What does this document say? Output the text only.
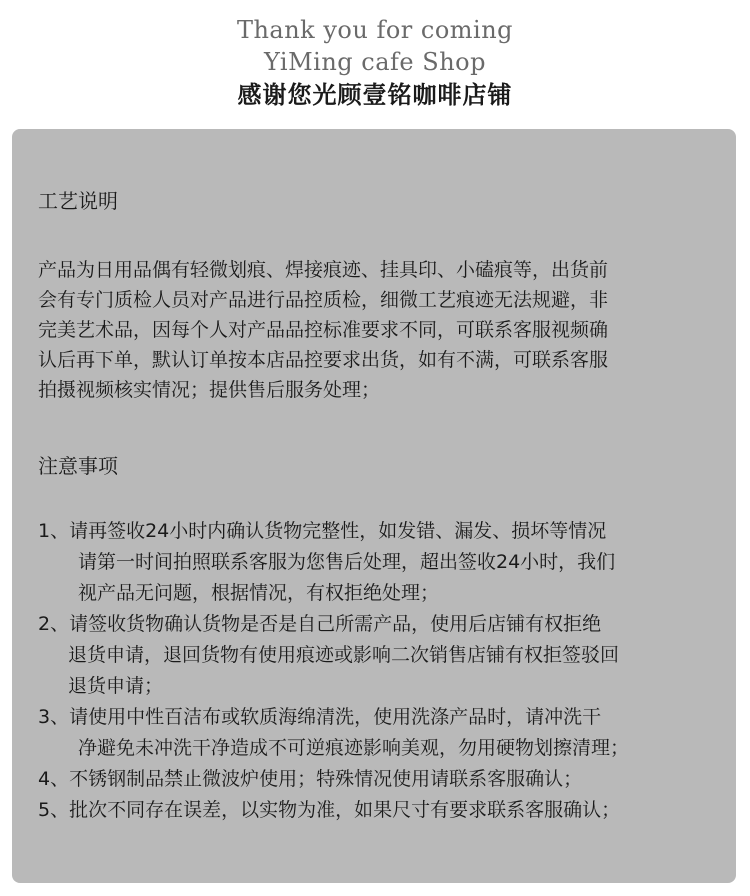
Thank you for coming
YiMing cafe Shop
感谢您光顾壹铭咖啡店铺
工艺说明
产品为日用品偶有轻微划痕、焊接痕迹、挂具印、小磕痕等，出货前
会有专门质检人员对产品进行品控质检，细微工艺痕迹无法规避，非
完美艺术品，因每个人对产品品控标准要求不同，可联系客服视频确
认后再下单，默认订单按本店品控要求出货，如有不满，可联系客服
拍摄视频核实情况；提供售后服务处理；
注意事项
1、请再签收24小时内确认货物完整性，如发错、漏发、损坏等情况
请第一时间拍照联系客服为您售后处理，超出签收24小时，我们
视产品无问题，根据情况，有权拒绝处理；
2、请签收货物确认货物是否是自己所需产品，使用后店铺有权拒绝
退货申请，退回货物有使用痕迹或影响二次销售店铺有权拒签驳回
退货申请；
3、请使用中性百洁布或软质海绵清洗，使用洗涤产品时，请冲洗干
净避免未冲洗干净造成不可逆痕迹影响美观，勿用硬物划擦清理；
4、不锈钢制品禁止微波炉使用；特殊情况使用请联系客服确认；
5、批次不同存在误差，以实物为准，如果尺寸有要求联系客服确认；
